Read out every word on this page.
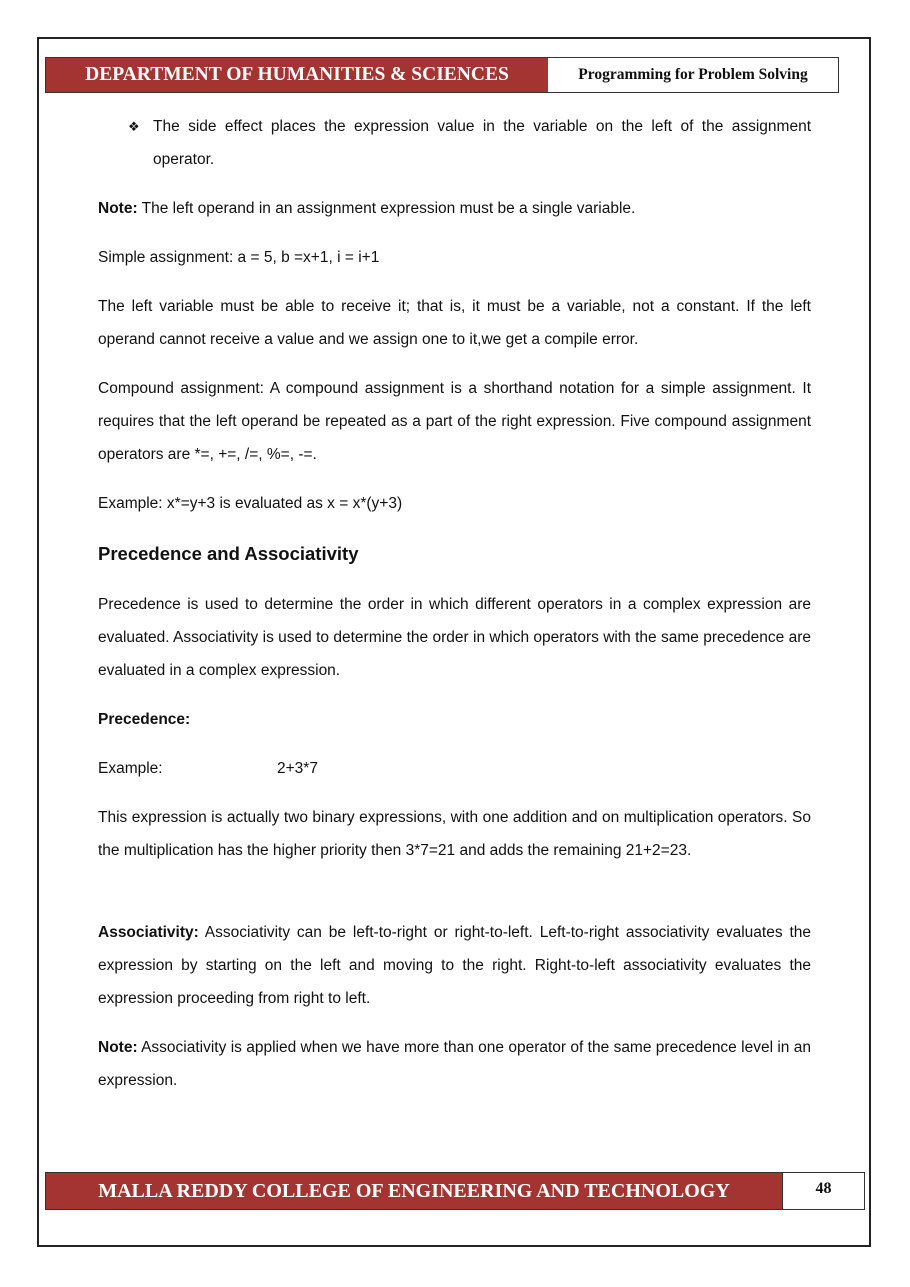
DEPARTMENT OF HUMANITIES & SCIENCES	Programming for Problem Solving
❖ The side effect places the expression value in the variable on the left of the assignment operator.

Note: The left operand in an assignment expression must be a single variable.

Simple assignment: a = 5, b =x+1, i = i+1

The left variable must be able to receive it; that is, it must be a variable, not a constant. If the left operand cannot receive a value and we assign one to it,we get a compile error.

Compound assignment: A compound assignment is a shorthand notation for a simple assignment. It requires that the left operand be repeated as a part of the right expression. Five compound assignment operators are *=, +=, /=, %=, -=.

Example: x*=y+3 is evaluated as x = x*(y+3)

Precedence and Associativity

Precedence is used to determine the order in which different operators in a complex expression are evaluated. Associativity is used to determine the order in which operators with the same precedence are evaluated in a complex expression.

Precedence:

Example:	2+3*7

This expression is actually two binary expressions, with one addition and on multiplication operators. So the multiplication has the higher priority then 3*7=21 and adds the remaining 21+2=23.

Associativity: Associativity can be left-to-right or right-to-left. Left-to-right associativity evaluates the expression by starting on the left and moving to the right. Right-to-left associativity evaluates the expression proceeding from right to left.

Note: Associativity is applied when we have more than one operator of the same precedence level in an expression.

MALLA REDDY COLLEGE OF ENGINEERING AND TECHNOLOGY	48
